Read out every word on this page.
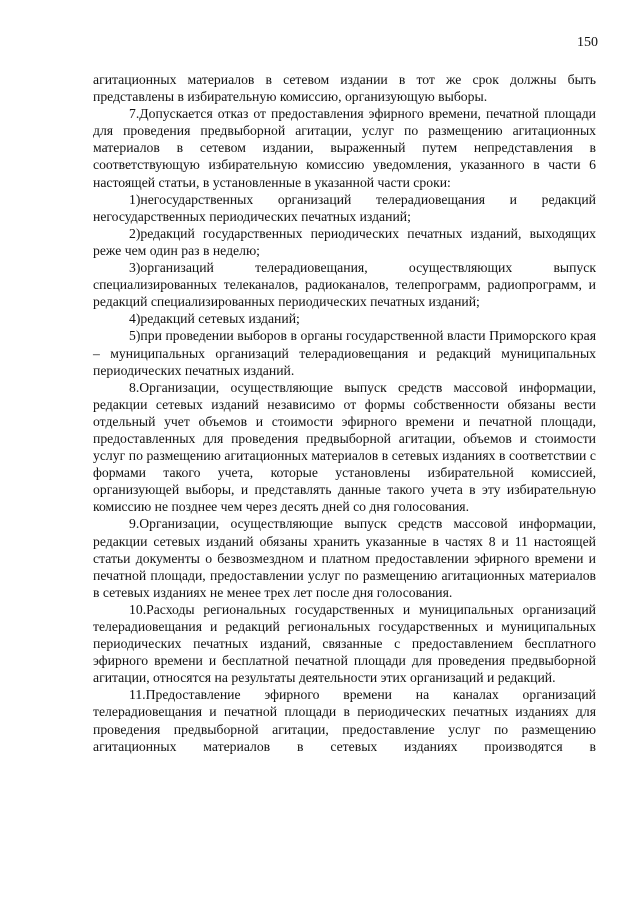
150

агитационных материалов в сетевом издании в тот же срок должны быть представлены в избирательную комиссию, организующую выборы.

7.Допускается отказ от предоставления эфирного времени, печатной площади для проведения предвыборной агитации, услуг по размещению агитационных материалов в сетевом издании, выраженный путем непредставления в соответствующую избирательную комиссию уведомления, указанного в части 6 настоящей статьи, в установленные в указанной части сроки:

1)негосударственных организаций телерадиовещания и редакций негосударственных периодических печатных изданий;

2)редакций государственных периодических печатных изданий, выходящих реже чем один раз в неделю;

3)организаций телерадиовещания, осуществляющих выпуск специализированных телеканалов, радиоканалов, телепрограмм, радиопрограмм, и редакций специализированных периодических печатных изданий;

4)редакций сетевых изданий;

5)при проведении выборов в органы государственной власти Приморского края – муниципальных организаций телерадиовещания и редакций муниципальных периодических печатных изданий.

8.Организации, осуществляющие выпуск средств массовой информации, редакции сетевых изданий независимо от формы собственности обязаны вести отдельный учет объемов и стоимости эфирного времени и печатной площади, предоставленных для проведения предвыборной агитации, объемов и стоимости услуг по размещению агитационных материалов в сетевых изданиях в соответствии с формами такого учета, которые установлены избирательной комиссией, организующей выборы, и представлять данные такого учета в эту избирательную комиссию не позднее чем через десять дней со дня голосования.

9.Организации, осуществляющие выпуск средств массовой информации, редакции сетевых изданий обязаны хранить указанные в частях 8 и 11 настоящей статьи документы о безвозмездном и платном предоставлении эфирного времени и печатной площади, предоставлении услуг по размещению агитационных материалов в сетевых изданиях не менее трех лет после дня голосования.

10.Расходы региональных государственных и муниципальных организаций телерадиовещания и редакций региональных государственных и муниципальных периодических печатных изданий, связанные с предоставлением бесплатного эфирного времени и бесплатной печатной площади для проведения предвыборной агитации, относятся на результаты деятельности этих организаций и редакций.

11.Предоставление эфирного времени на каналах организаций телерадиовещания и печатной площади в периодических печатных изданиях для проведения предвыборной агитации, предоставление услуг по размещению агитационных материалов в сетевых изданиях производятся в
